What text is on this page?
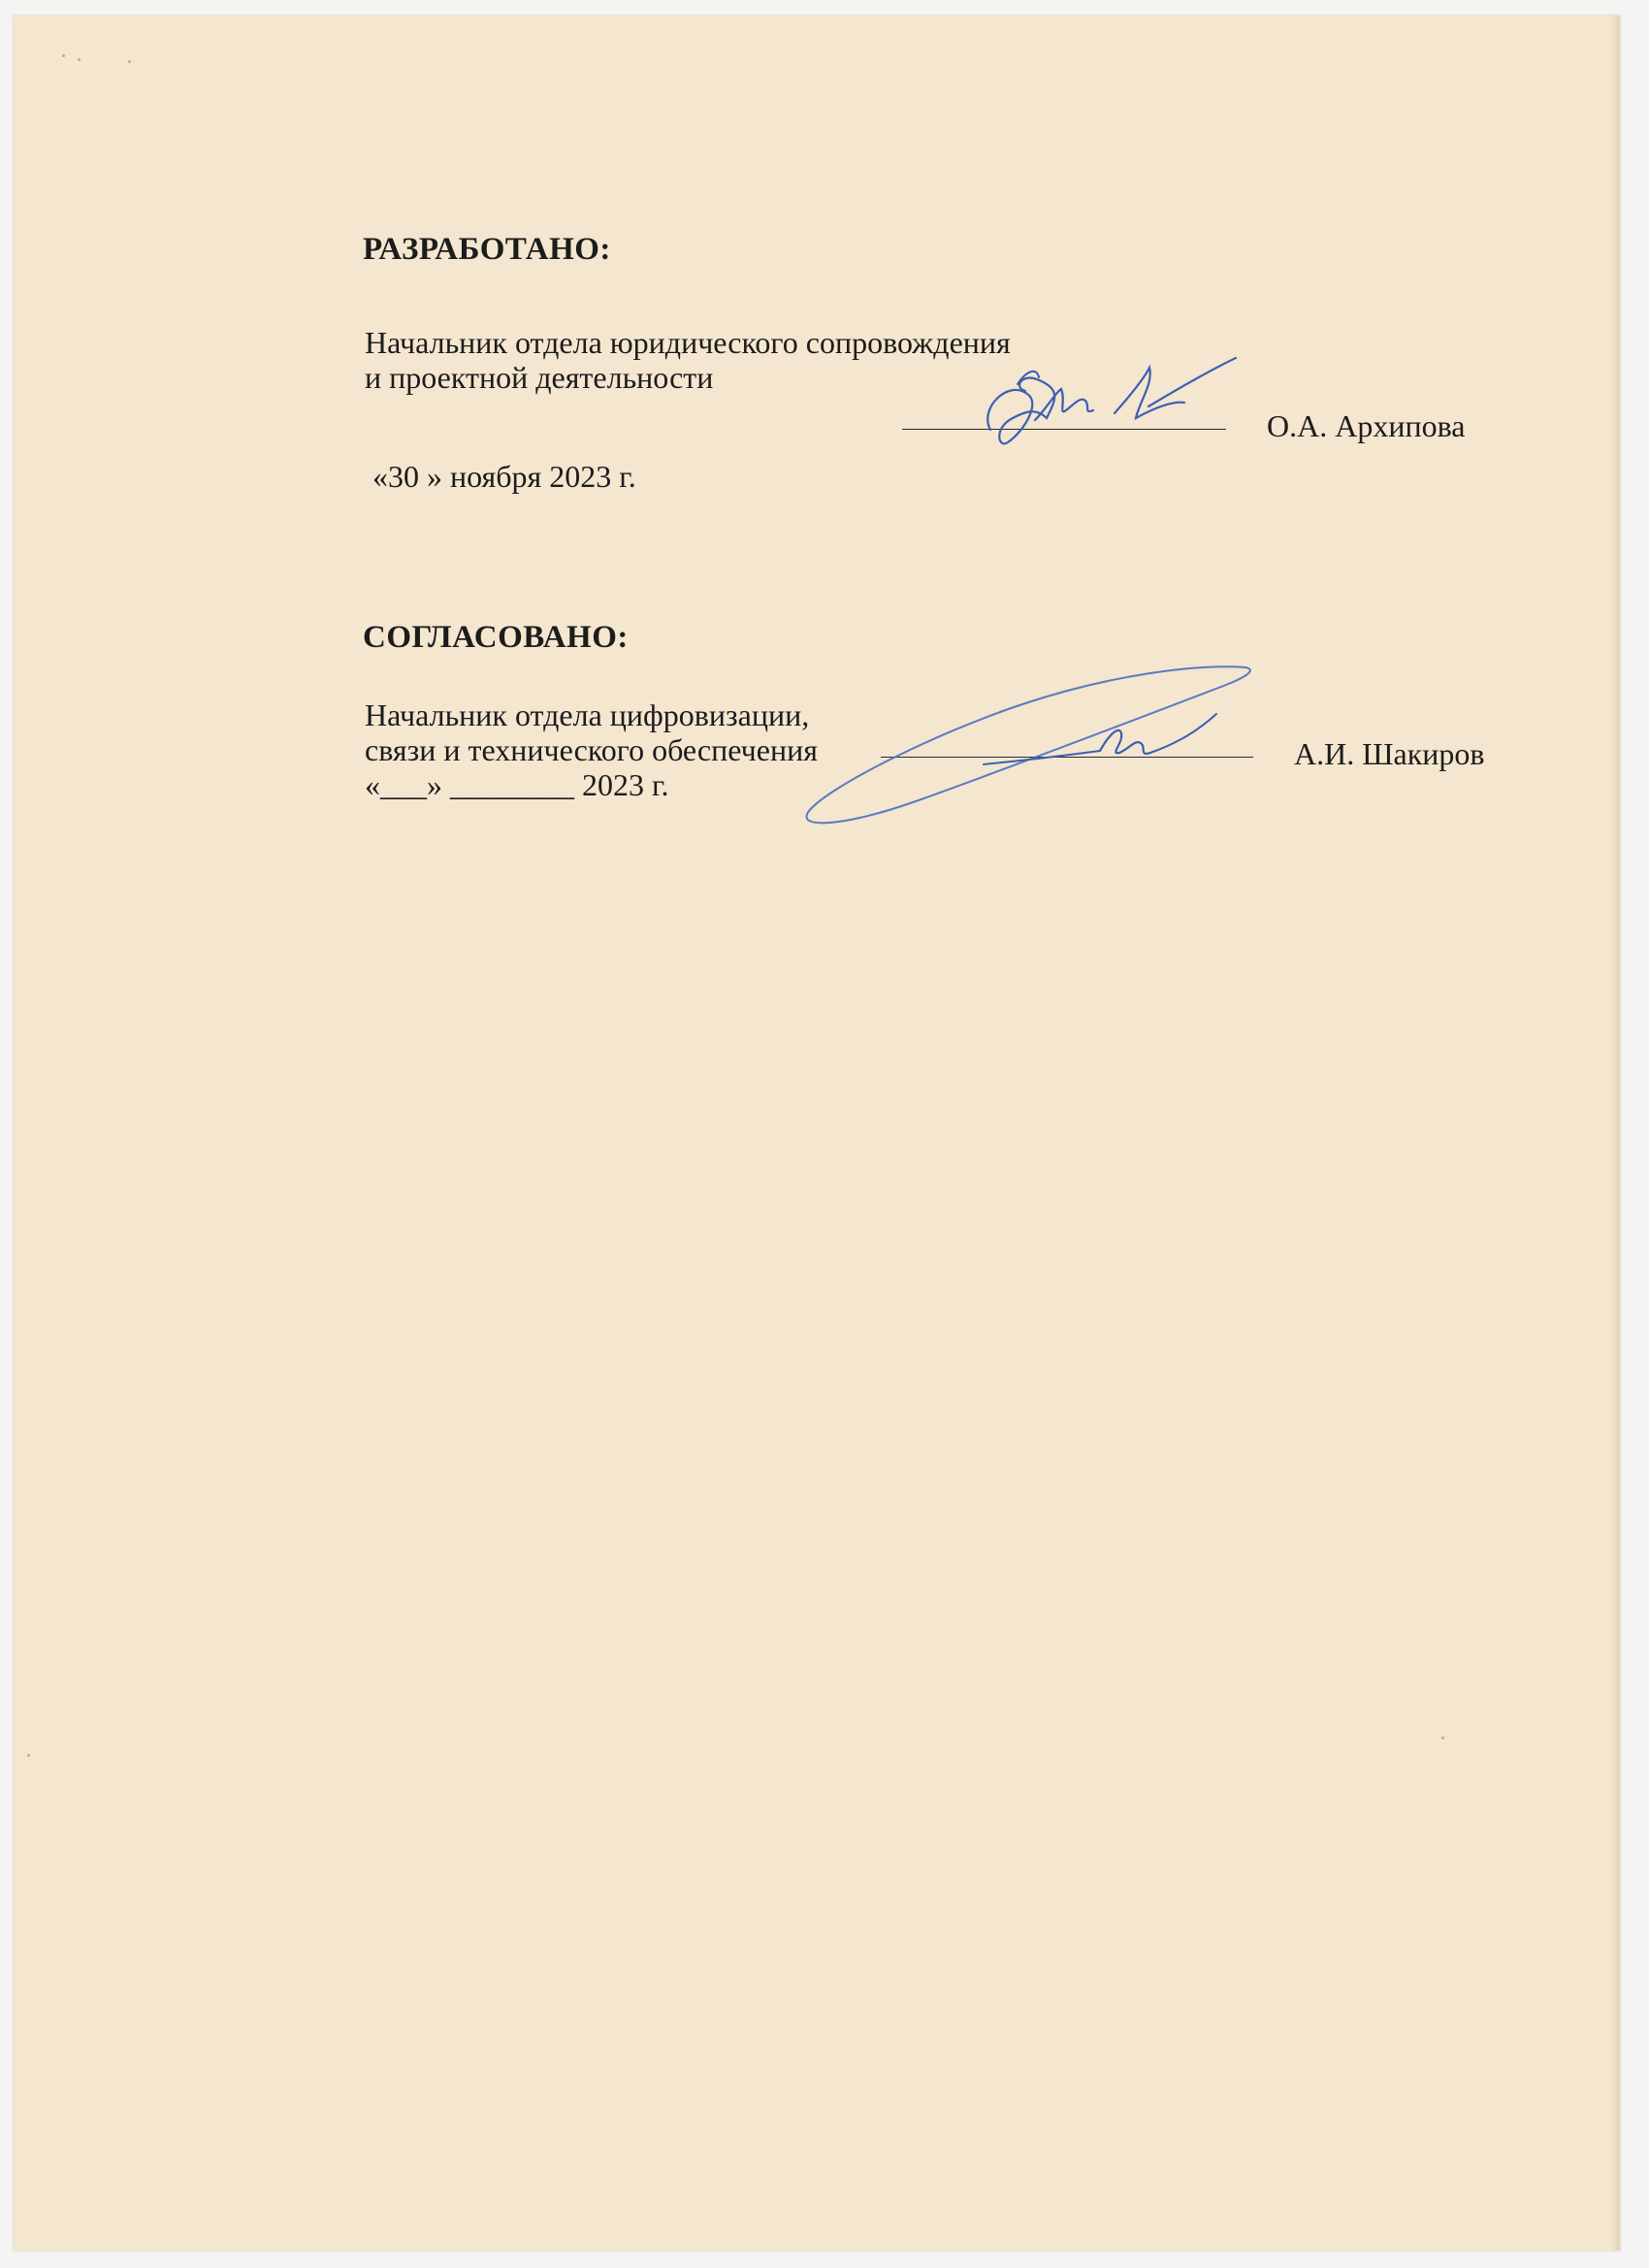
РАЗРАБОТАНО:
Начальник отдела юридического сопровождения
и проектной деятельности
О.А. Архипова
«30 » ноября 2023 г.
СОГЛАСОВАНО:
Начальник отдела цифровизации,
связи и технического обеспечения
«___» ________ 2023 г.
А.И. Шакиров
